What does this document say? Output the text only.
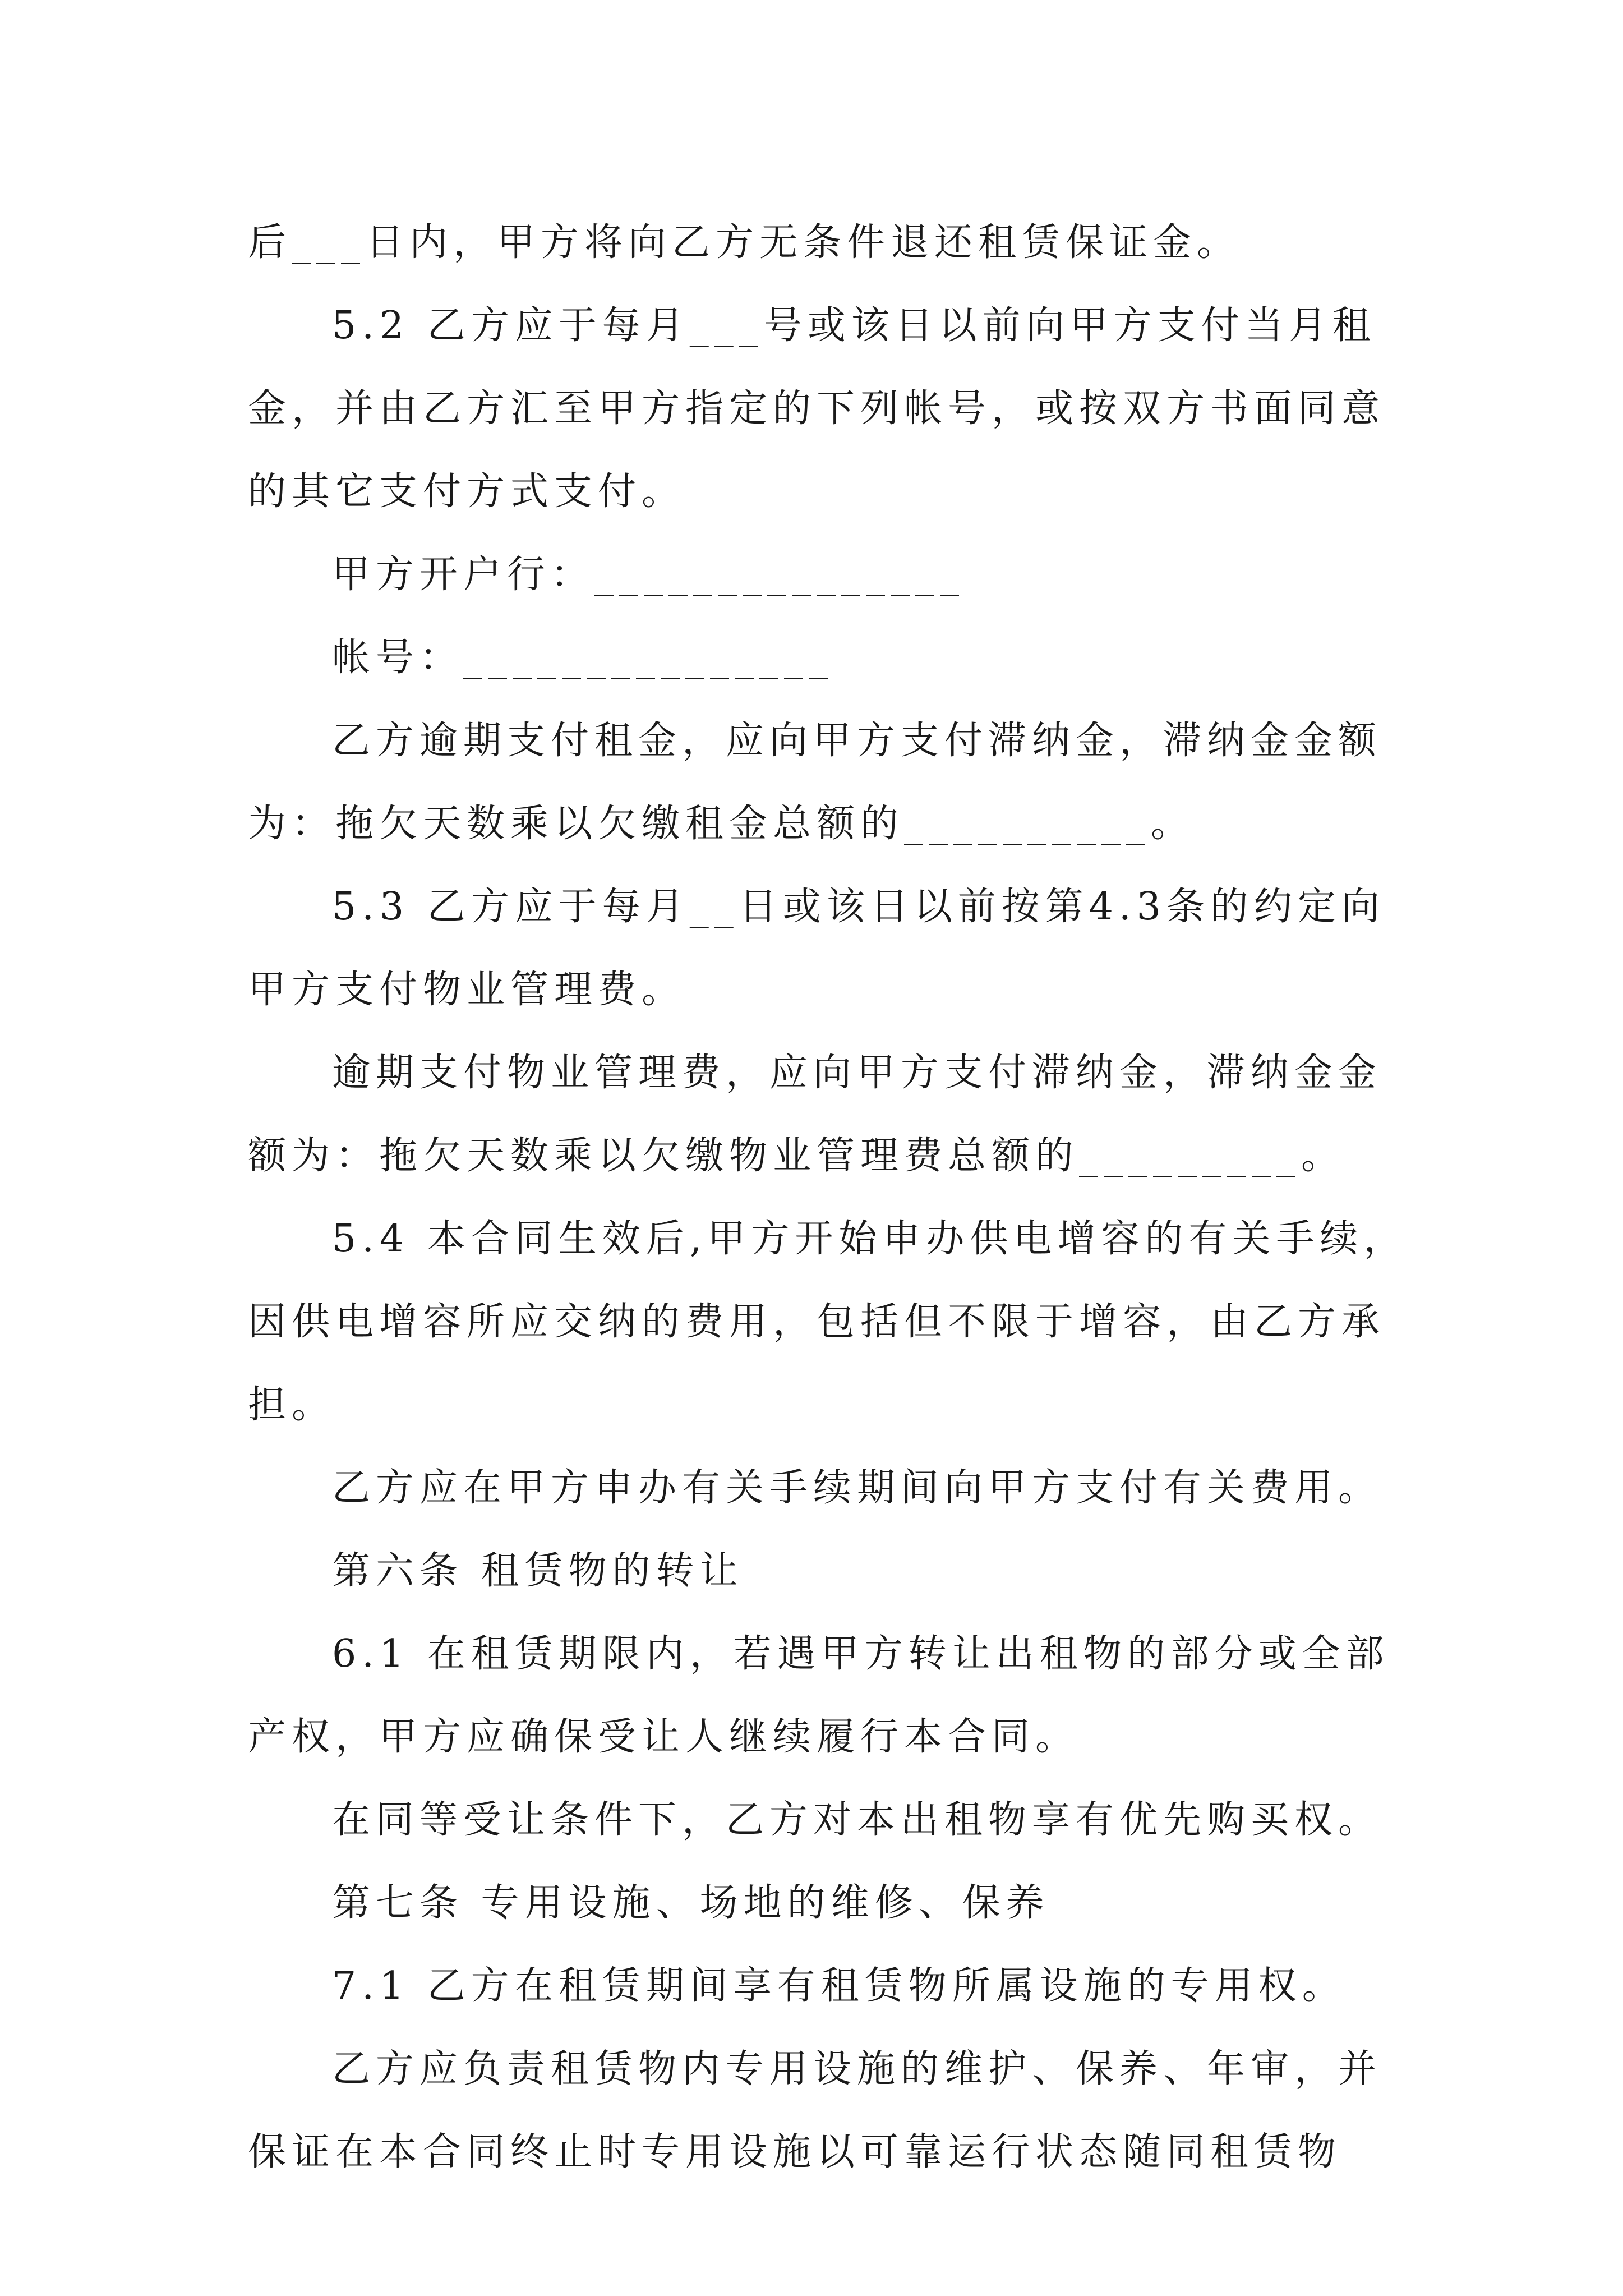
后___日内，甲方将向乙方无条件退还租赁保证金。
5.2 乙方应于每月___号或该日以前向甲方支付当月租
金，并由乙方汇至甲方指定的下列帐号，或按双方书面同意
的其它支付方式支付。
甲方开户行：_______________
帐号：_______________
乙方逾期支付租金，应向甲方支付滞纳金，滞纳金金额
为：拖欠天数乘以欠缴租金总额的__________。
5.3 乙方应于每月__日或该日以前按第4.3条的约定向
甲方支付物业管理费。
逾期支付物业管理费，应向甲方支付滞纳金，滞纳金金
额为：拖欠天数乘以欠缴物业管理费总额的_________。
5.4 本合同生效后,甲方开始申办供电增容的有关手续，
因供电增容所应交纳的费用，包括但不限于增容，由乙方承
担。
乙方应在甲方申办有关手续期间向甲方支付有关费用。
第六条 租赁物的转让
6.1 在租赁期限内，若遇甲方转让出租物的部分或全部
产权，甲方应确保受让人继续履行本合同。
在同等受让条件下，乙方对本出租物享有优先购买权。
第七条 专用设施、场地的维修、保养
7.1 乙方在租赁期间享有租赁物所属设施的专用权。
乙方应负责租赁物内专用设施的维护、保养、年审，并
保证在本合同终止时专用设施以可靠运行状态随同租赁物
